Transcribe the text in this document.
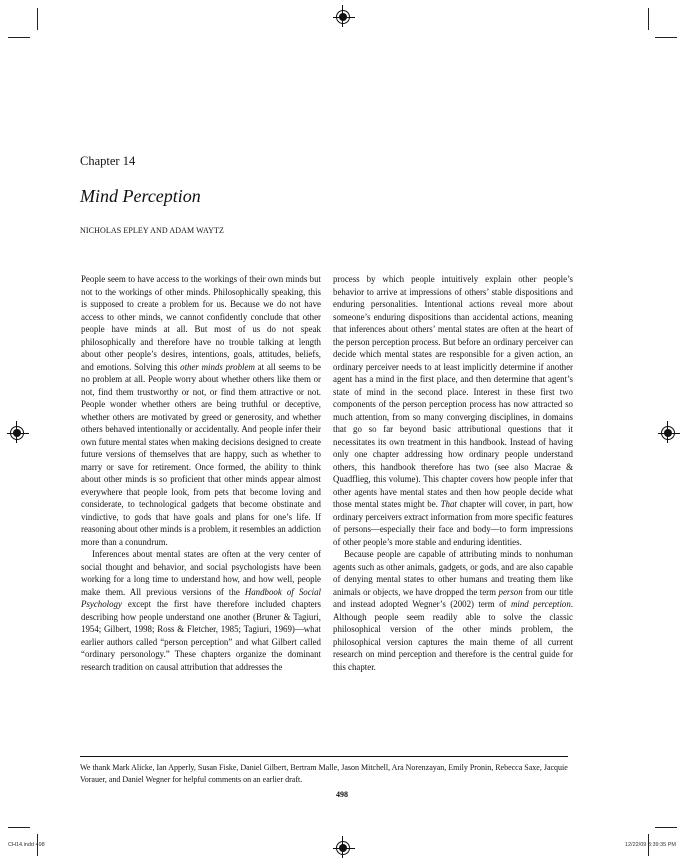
Chapter 14
Mind Perception
NICHOLAS EPLEY AND ADAM WAYTZ

People seem to have access to the workings of their own minds but not to the workings of other minds. Philosophically speaking, this is supposed to create a problem for us. Because we do not have access to other minds, we cannot confidently conclude that other people have minds at all. But most of us do not speak philosophically and therefore have no trouble talking at length about other people’s desires, intentions, goals, attitudes, beliefs, and emotions. Solving this other minds problem at all seems to be no problem at all. People worry about whether others like them or not, find them trustworthy or not, or find them attractive or not. People wonder whether others are being truthful or deceptive, whether others are motivated by greed or generosity, and whether others behaved intentionally or accidentally. And people infer their own future mental states when making decisions designed to create future versions of themselves that are happy, such as whether to marry or save for retirement. Once formed, the ability to think about other minds is so proficient that other minds appear almost everywhere that people look, from pets that become loving and considerate, to technological gadgets that become obstinate and vindictive, to gods that have goals and plans for one’s life. If reasoning about other minds is a problem, it resembles an addiction more than a conundrum.

Inferences about mental states are often at the very center of social thought and behavior, and social psychologists have been working for a long time to understand how, and how well, people make them. All previous versions of the Handbook of Social Psychology except the first have therefore included chapters describing how people understand one another (Bruner & Tagiuri, 1954; Gilbert, 1998; Ross & Fletcher, 1985; Tagiuri, 1969)—what earlier authors called “person perception” and what Gilbert called “ordinary personology.” These chapters organize the dominant research tradition on causal attribution that addresses the

process by which people intuitively explain other people’s behavior to arrive at impressions of others’ stable dispositions and enduring personalities. Intentional actions reveal more about someone’s enduring dispositions than accidental actions, meaning that inferences about others’ mental states are often at the heart of the person perception process. But before an ordinary perceiver can decide which mental states are responsible for a given action, an ordinary perceiver needs to at least implicitly determine if another agent has a mind in the first place, and then determine that agent’s state of mind in the second place. Interest in these first two components of the person perception process has now attracted so much attention, from so many converging disciplines, in domains that go so far beyond basic attributional questions that it necessitates its own treatment in this handbook. Instead of having only one chapter addressing how ordinary people understand others, this handbook therefore has two (see also Macrae & Quadflieg, this volume). This chapter covers how people infer that other agents have mental states and then how people decide what those mental states might be. That chapter will cover, in part, how ordinary perceivers extract information from more specific features of persons—especially their face and body—to form impressions of other people’s more stable and enduring identities.

Because people are capable of attributing minds to nonhuman agents such as other animals, gadgets, or gods, and are also capable of denying mental states to other humans and treating them like animals or objects, we have dropped the term person from our title and instead adopted Wegner’s (2002) term of mind perception. Although people seem readily able to solve the classic philosophical version of the other minds problem, the philosophical version captures the main theme of all current research on mind perception and therefore is the central guide for this chapter.

We thank Mark Alicke, Ian Apperly, Susan Fiske, Daniel Gilbert, Bertram Malle, Jason Mitchell, Ara Norenzayan, Emily Pronin, Rebecca Saxe, Jacquie Vorauer, and Daniel Wegner for helpful comments on an earlier draft.
498
CH14.indd 498	12/22/09 3:39:35 PM
